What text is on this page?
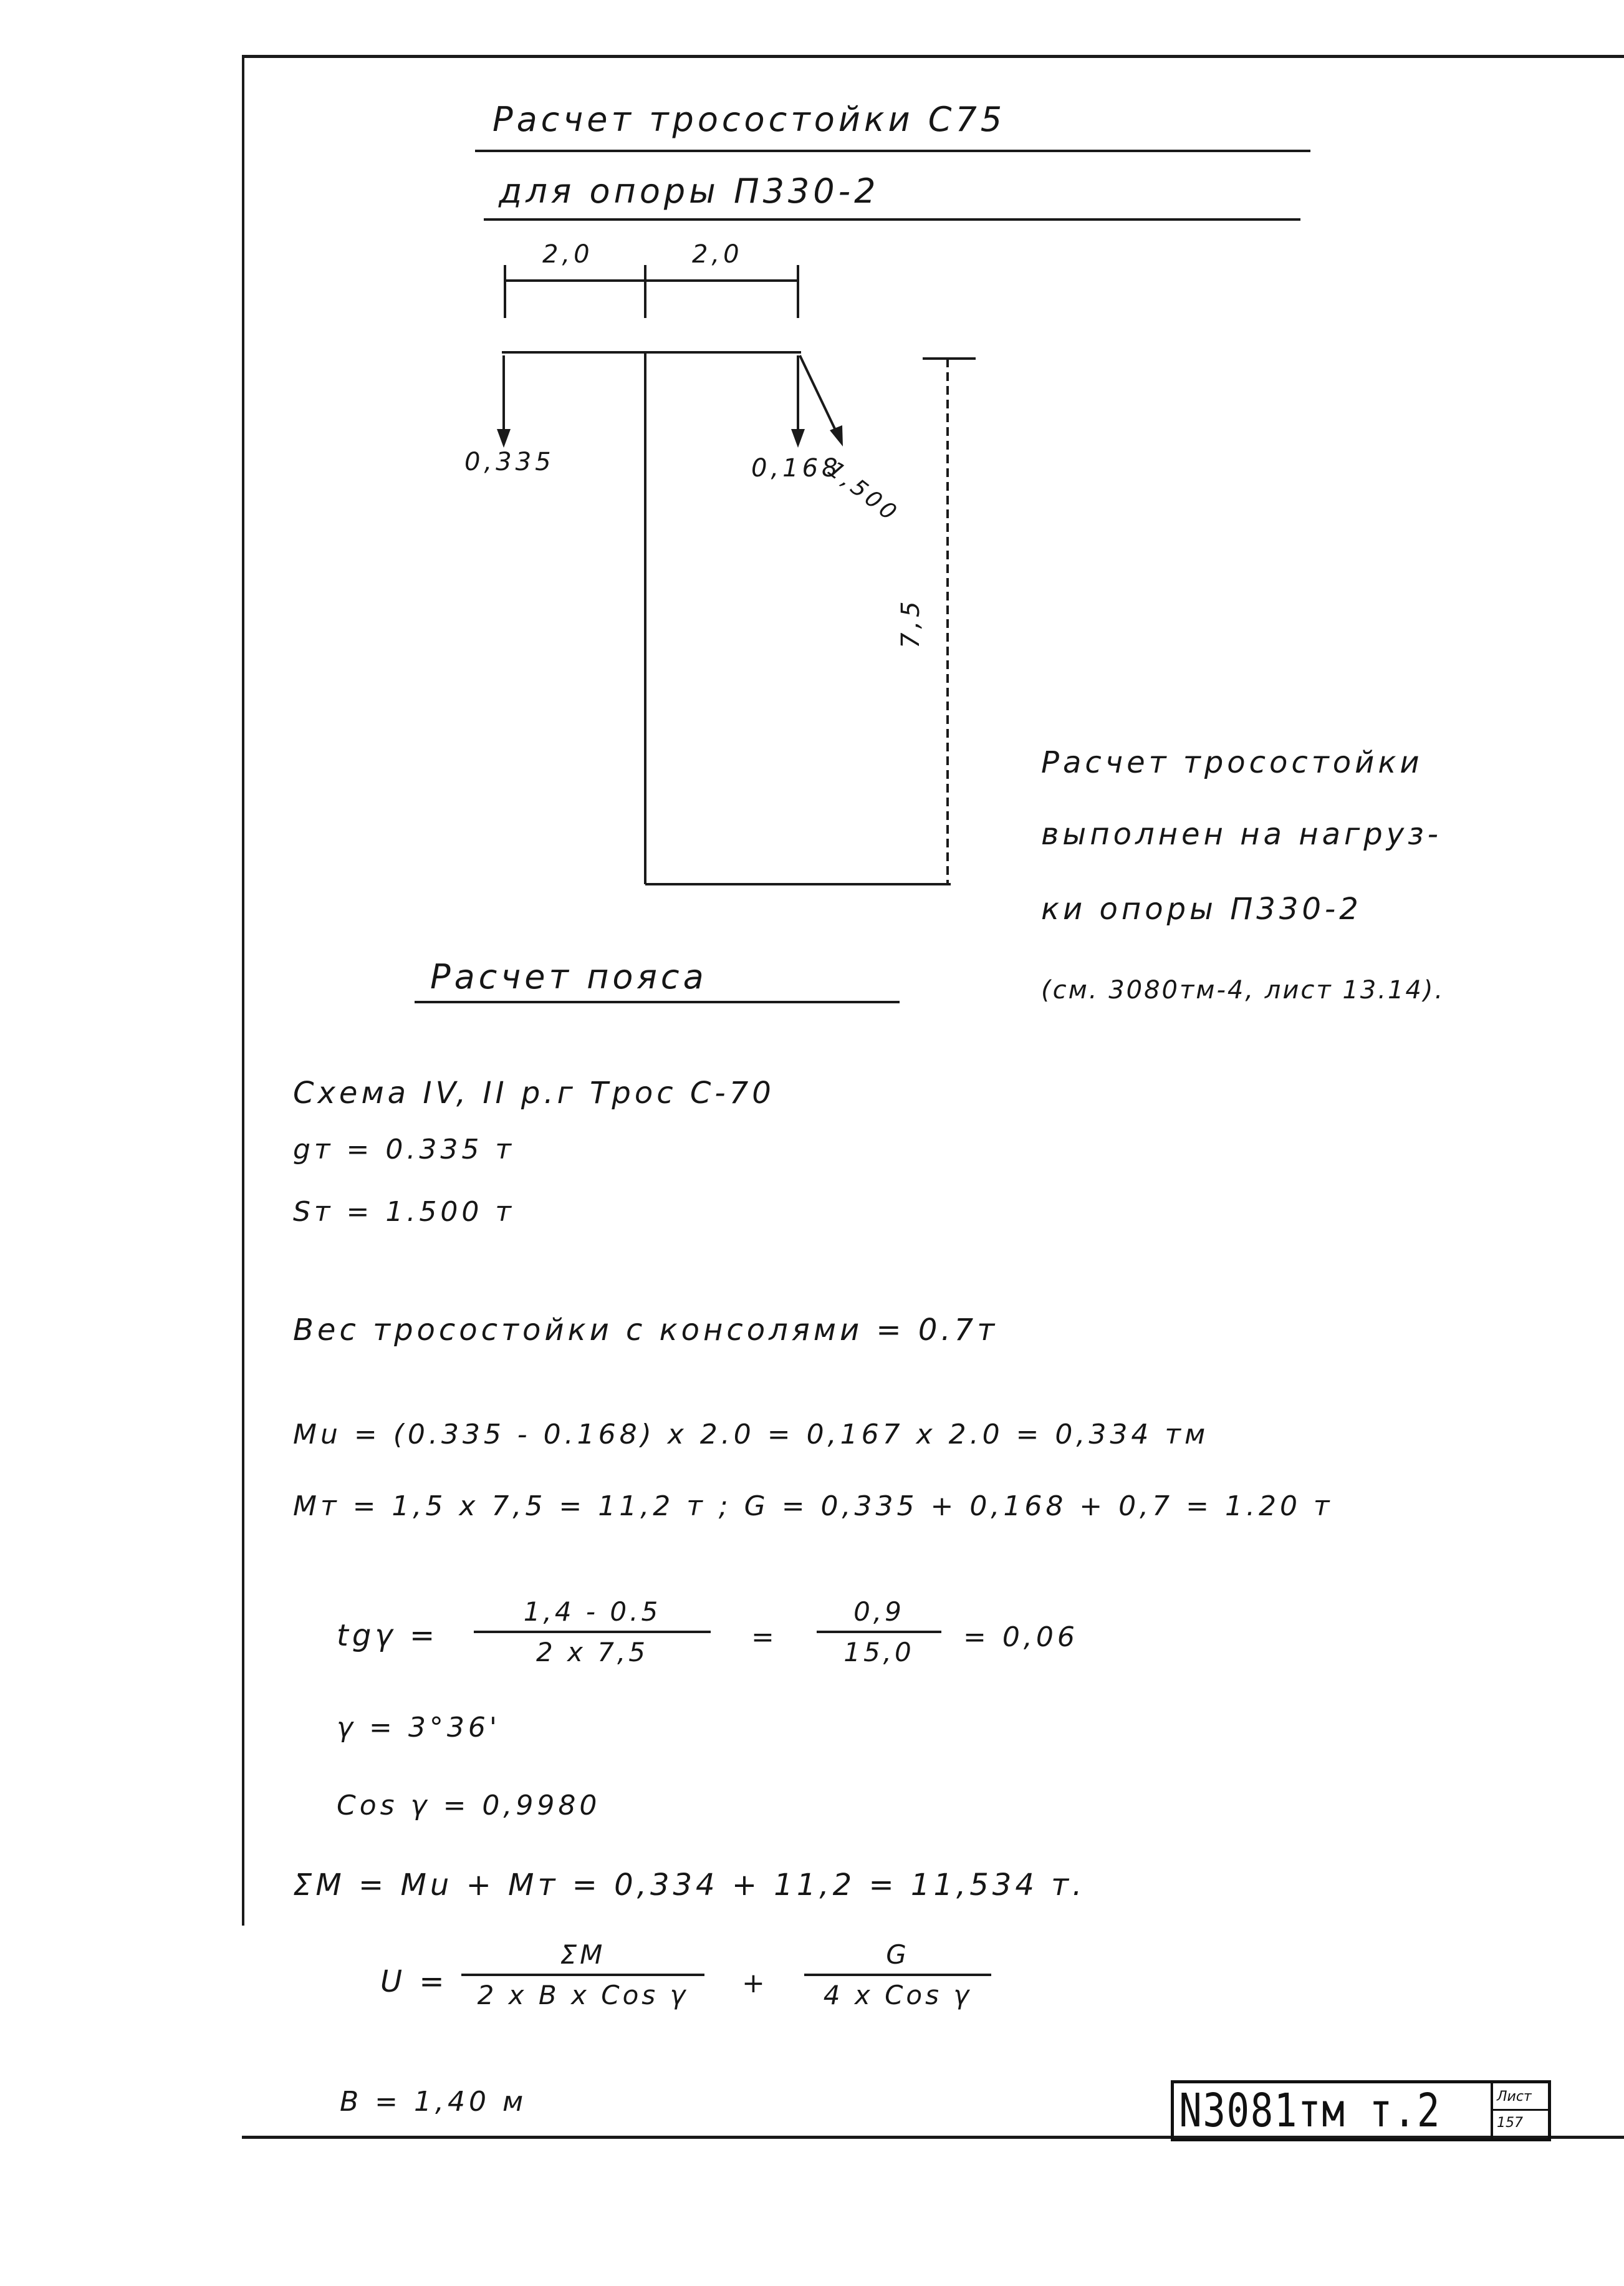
Расчет тросостойки С75
для опоры П330-2
2,0	2,0
0,335	0,168
1,500
7,5
Расчет тросостойки
выполнен на нагруз-
ки опоры П330-2
(см. 3080тм-4, лист 13.14).
Расчет пояса
Схема IV, II р.г Трос С-70
gт = 0.335 т
Sт = 1.500 т
Вес тросостойки с консолями = 0.7т
Mu = (0.335 - 0.168) x 2.0 = 0,167 x 2.0 = 0,334 тм
Mт = 1,5 x 7,5 = 11,2 т ; G = 0,335 + 0,168 + 0,7 = 1.20 т
tgγ =
1,4 - 0.5
2 x 7,5	=
0,9
15,0 = 0,06
γ = 3°36'
Cos γ = 0,9980
ΣM = Mu + Mт = 0,334 + 11,2 = 11,534 т.
U =
ΣM
2 x B x Cos γ +
G
4 x Cos γ
B = 1,40 м	N3081тм т.2	Лист
157
